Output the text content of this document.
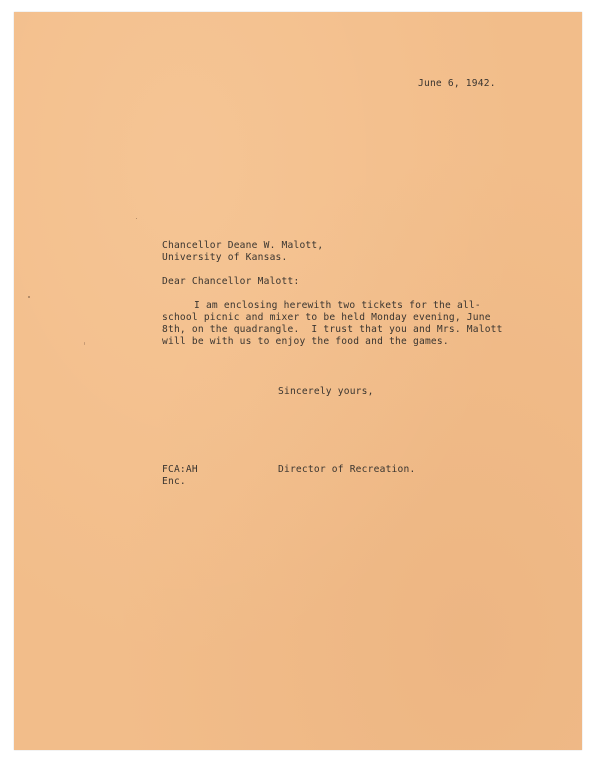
June 6, 1942.
Chancellor Deane W. Malott,
University of Kansas.
Dear Chancellor Malott:
I am enclosing herewith two tickets for the all-
school picnic and mixer to be held Monday evening, June
8th, on the quadrangle.  I trust that you and Mrs. Malott
will be with us to enjoy the food and the games.
Sincerely yours,
FCA:AH	Director of Recreation.
Enc.
